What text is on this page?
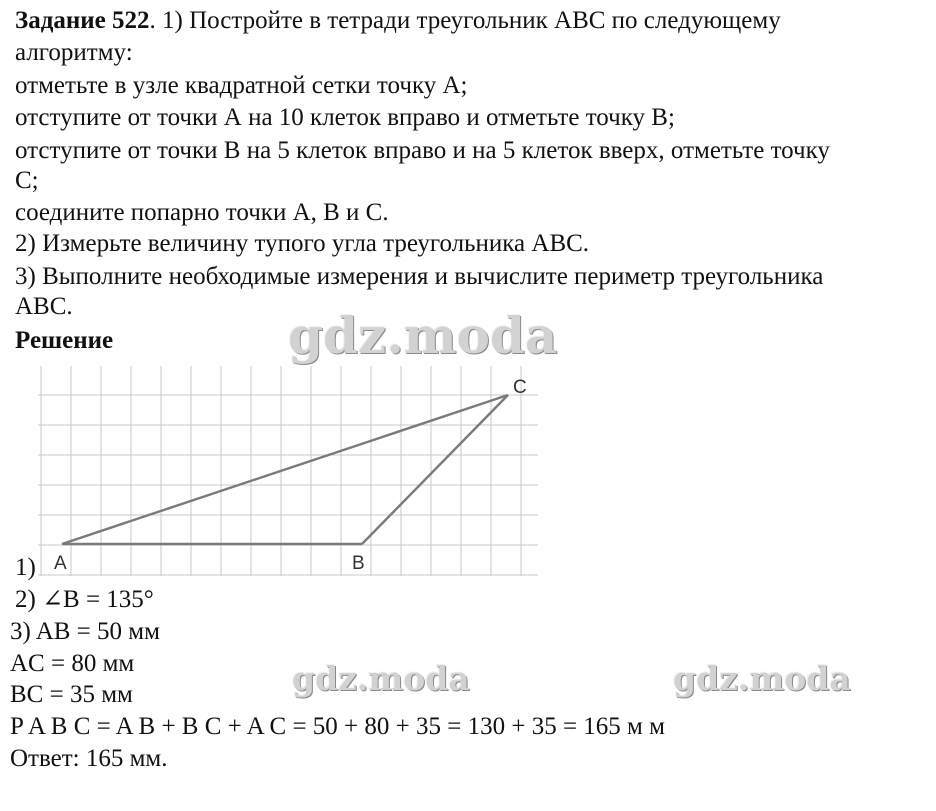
Задание 522. 1) Постройте в тетради треугольник ABC по следующему
алгоритму:
отметьте в узле квадратной сетки точку А;
отступите от точки А на 10 клеток вправо и отметьте точку В;
отступите от точки В на 5 клеток вправо и на 5 клеток вверх, отметьте точку
С;
соедините попарно точки А, В и С.
2) Измерьте величину тупого угла треугольника ABC.
3) Выполните необходимые измерения и вычислите периметр треугольника
ABC.
Решение
A	B
C
1)
2) ∠B = 135°
3) AB = 50 мм
AC = 80 мм
BC = 35 мм
P A B C = A B + B C + A C = 50 + 80 + 35 = 130 + 35 = 165 м м
Ответ: 165 мм.
gdz.moda
gdz.moda	gdz.moda
